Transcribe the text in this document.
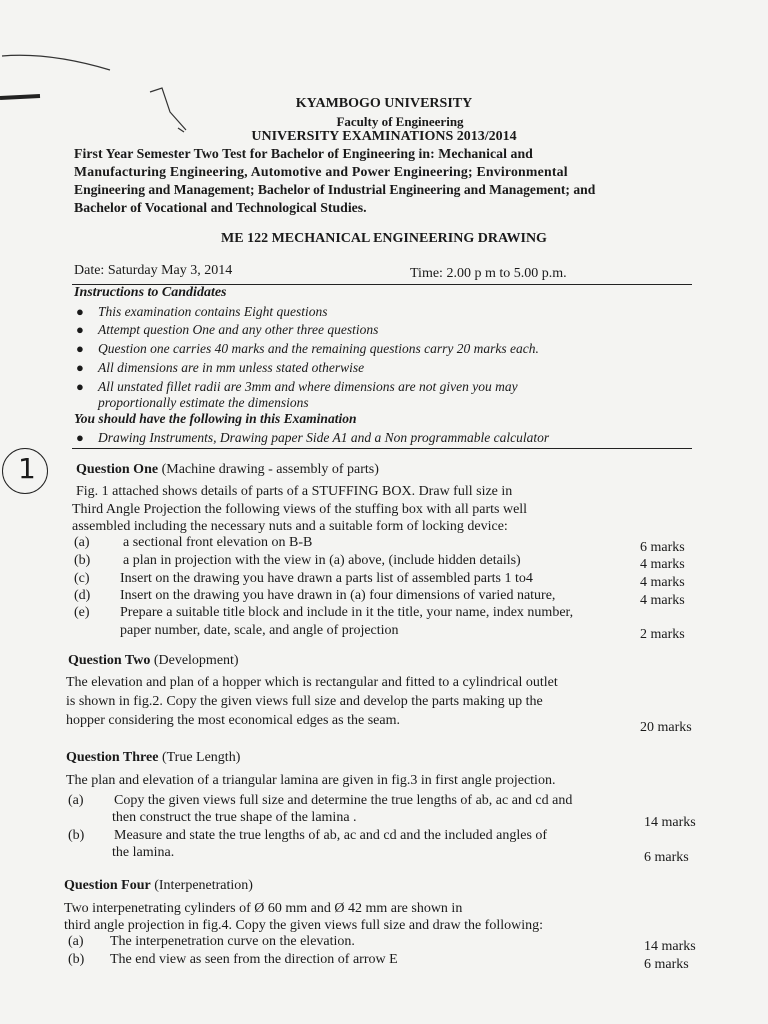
KYAMBOGO UNIVERSITY
Faculty of Engineering
UNIVERSITY EXAMINATIONS 2013/2014
First Year Semester Two Test for Bachelor of Engineering in: Mechanical and
Manufacturing Engineering, Automotive and Power Engineering; Environmental
Engineering and Management; Bachelor of Industrial Engineering and Management; and
Bachelor of Vocational and Technological Studies.
ME 122 MECHANICAL ENGINEERING DRAWING
Date: Saturday May 3, 2014	Time: 2.00 p m to 5.00 p.m.
Instructions to Candidates
● This examination contains Eight questions
● Attempt question One and any other three questions
● Question one carries 40 marks and the remaining questions carry 20 marks each.
● All dimensions are in mm unless stated otherwise
● All unstated fillet radii are 3mm and where dimensions are not given you may
proportionally estimate the dimensions
You should have the following in this Examination
● Drawing Instruments, Drawing paper Side A1 and a Non programmable calculator
1	Question One (Machine drawing - assembly of parts)
Fig. 1 attached shows details of parts of a STUFFING BOX. Draw full size in
Third Angle Projection the following views of the stuffing box with all parts well
assembled including the necessary nuts and a suitable form of locking device:
(a) a sectional front elevation on B-B	6 marks
(b) a plan in projection with the view in (a) above, (include hidden details)	4 marks
(c) Insert on the drawing you have drawn a parts list of assembled parts 1 to4	4 marks
(d) Insert on the drawing you have drawn in (a) four dimensions of varied nature,	4 marks
(e) Prepare a suitable title block and include in it the title, your name, index number,
paper number, date, scale, and angle of projection	2 marks
Question Two (Development)
The elevation and plan of a hopper which is rectangular and fitted to a cylindrical outlet
is shown in fig.2. Copy the given views full size and develop the parts making up the
hopper considering the most economical edges as the seam.	20 marks
Question Three (True Length)
The plan and elevation of a triangular lamina are given in fig.3 in first angle projection.
(a) Copy the given views full size and determine the true lengths of ab, ac and cd and
then construct the true shape of the lamina .	14 marks
(b) Measure and state the true lengths of ab, ac and cd and the included angles of
the lamina.	6 marks
Question Four (Interpenetration)
Two interpenetrating cylinders of Ø 60 mm and Ø 42 mm are shown in
third angle projection in fig.4. Copy the given views full size and draw the following:
(a) The interpenetration curve on the elevation.	14 marks
(b) The end view as seen from the direction of arrow E	6 marks
